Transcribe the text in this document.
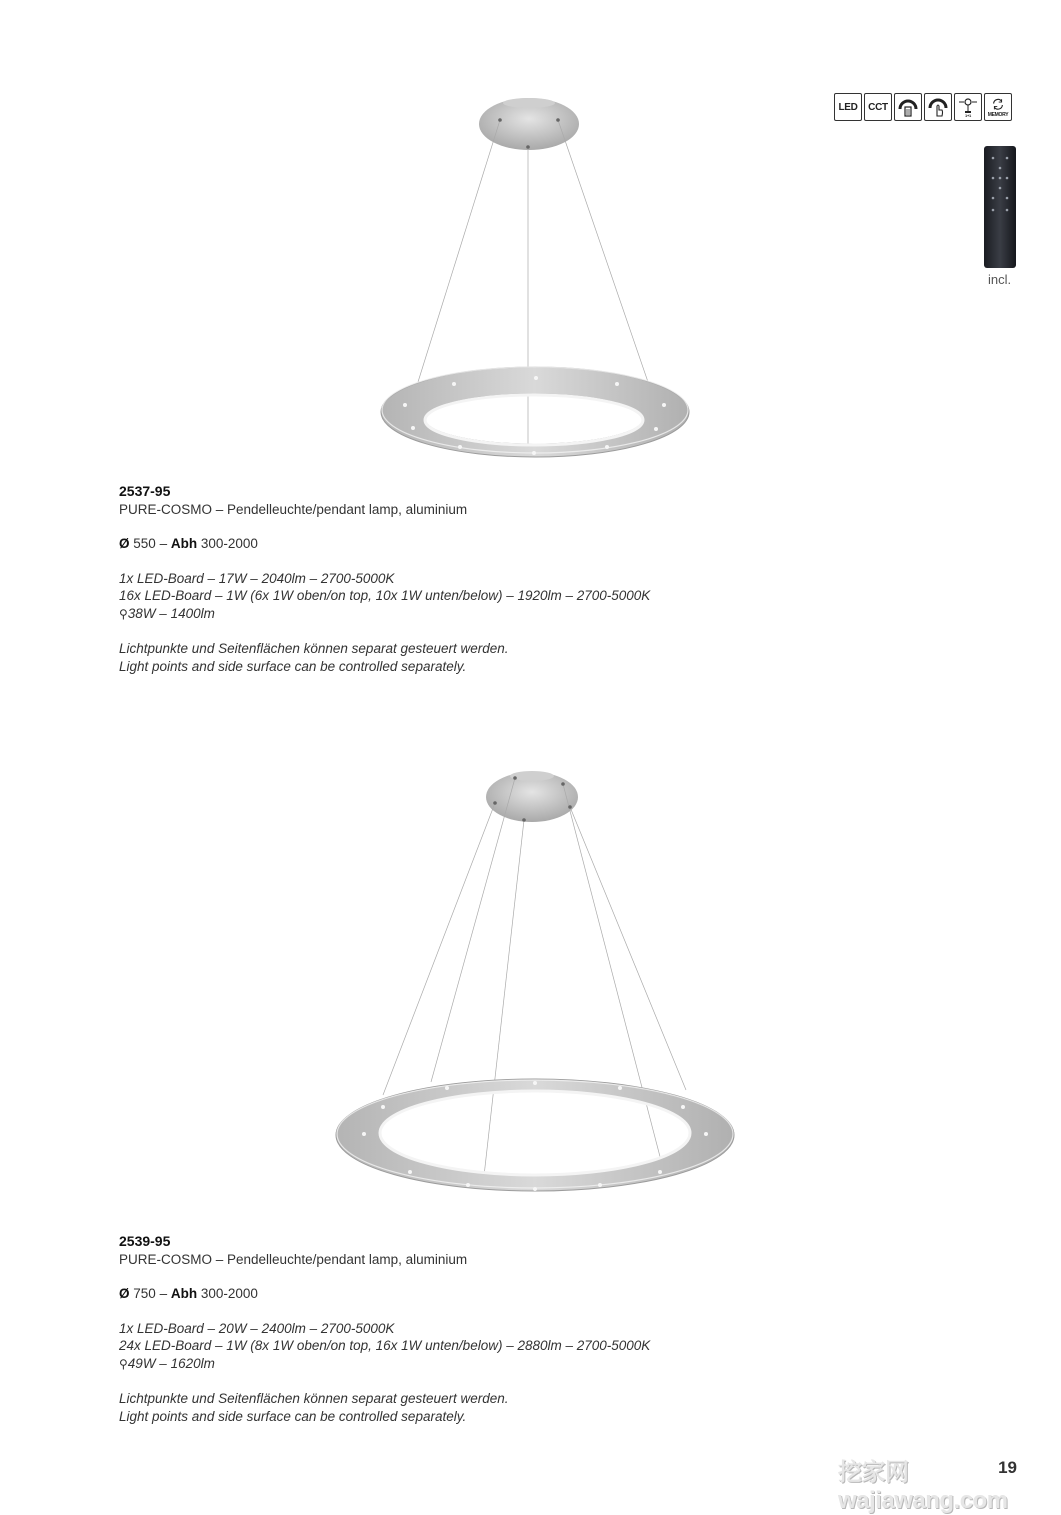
LED	CCT
1+1	MEMORY
incl.

2537-95

PURE-COSMO – Pendelleuchte/pendant lamp, aluminium

Ø 550 – Abh 300-2000

1x LED-Board – 17W – 2040lm – 2700-5000K

16x LED-Board – 1W (6x 1W oben/on top, 10x 1W unten/below) – 1920lm – 2700-5000K

⚲38W – 1400lm

Lichtpunkte und Seitenflächen können separat gesteuert werden.

Light points and side surface can be controlled separately.

2539-95

PURE-COSMO – Pendelleuchte/pendant lamp, aluminium

Ø 750 – Abh 300-2000

1x LED-Board – 20W – 2400lm – 2700-5000K

24x LED-Board – 1W (8x 1W oben/on top, 16x 1W unten/below) – 2880lm – 2700-5000K

⚲49W – 1620lm

Lichtpunkte und Seitenflächen können separat gesteuert werden.

Light points and side surface can be controlled separately.

挖家网 wajiawang.com
19
